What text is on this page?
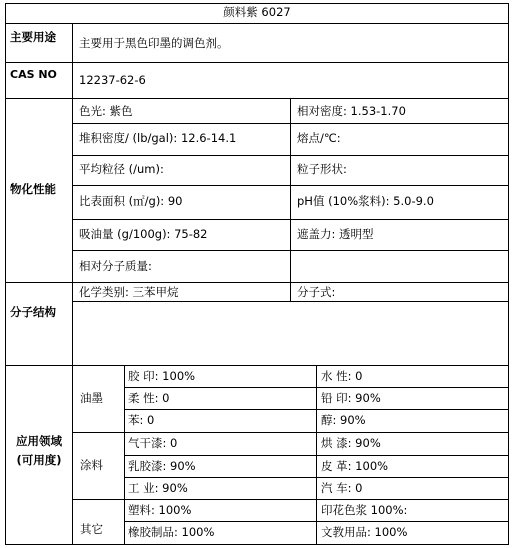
颜料紫 6027
主要用途	主要用于黑色印墨的调色剂。
CAS NO	12237-62-6
物化性能
色光: 紫色	相对密度: 1.53-1.70
堆积密度/ (lb/gal): 12.6-14.1	熔点/℃:
平均粒径 (/um):	粒子形状:
比表面积 (㎡/g): 90	pH值 (10%浆料): 5.0-9.0
吸油量 (g/100g): 75-82	遮盖力: 透明型
相对分子质量:
分子结构
化学类别: 三苯甲烷	分子式:
应用领域
(可用度)
油墨
胶 印: 100%	水 性: 0
柔 性: 0	铅 印: 90%
苯: 0	醇: 90%
涂料
气干漆: 0	烘 漆: 90%
乳胶漆: 90%	皮 革: 100%
工 业: 90%	汽 车: 0
其它
塑料: 100%	印花色浆 100%:
橡胶制品: 100%	文教用品: 100%
